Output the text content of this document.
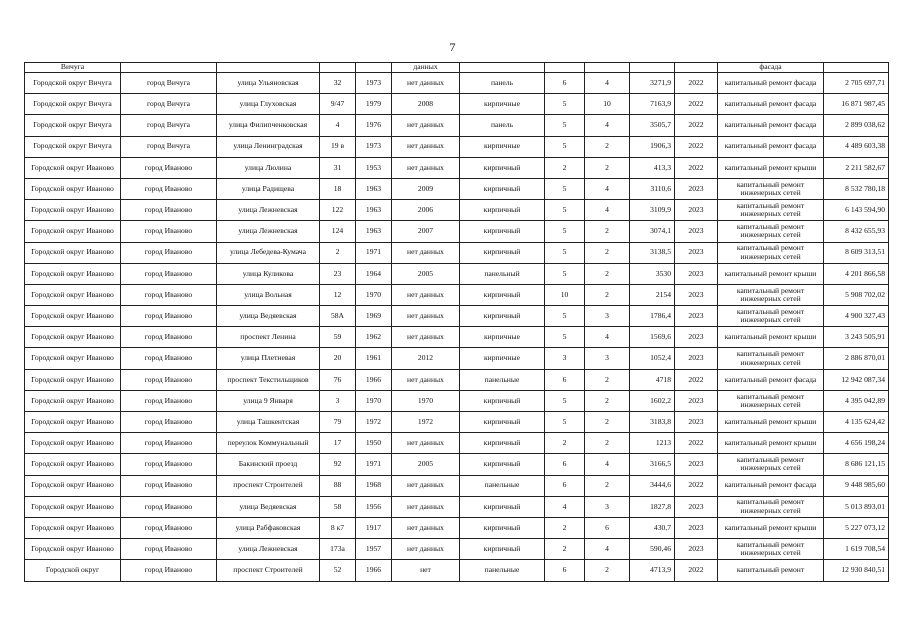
7
Вичуга					данных						фасада	
Городской округ Вичуга	город Вичуга	улица Ульяновская	32	1973	нет данных	панель	6	4	3271,9	2022	капитальный ремонт фасада	2 705 697,71
Городской округ Вичуга	город Вичуга	улица Глуховская	9/47	1979	2008	кирпичные	5	10	7163,9	2022	капитальный ремонт фасада	16 871 987,45
Городской округ Вичуга	город Вичуга	улица Филипченковская	4	1976	нет данных	панель	5	4	3505,7	2022	капитальный ремонт фасада	2 899 038,62
Городской округ Вичуга	город Вичуга	улица Ленинградская	19 в	1973	нет данных	кирпичные	5	2	1906,3	2022	капитальный ремонт фасада	4 489 603,38
Городской округ Иваново	город Иваново	улица Люлина	31	1953	нет данных	кирпичный	2	2	413,3	2022	капитальный ремонт крыши	2 211 582,67
Городской округ Иваново	город Иваново	улица Радищева	18	1963	2009	кирпичный	5	4	3110,6	2023	капитальный ремонт инженерных сетей	8 532 780,18
Городской округ Иваново	город Иваново	улица Лежневская	122	1963	2006	кирпичный	5	4	3109,9	2023	капитальный ремонт инженерных сетей	6 143 594,90
Городской округ Иваново	город Иваново	улица Лежневская	124	1963	2007	кирпичный	5	2	3074,1	2023	капитальный ремонт инженерных сетей	8 432 655,93
Городской округ Иваново	город Иваново	улица Лебедева-Кумача	2	1971	нет данных	кирпичный	5	2	3138,5	2023	капитальный ремонт инженерных сетей	8 609 313,51
Городской округ Иваново	город Иваново	улица Куликова	23	1964	2005	панельный	5	2	3530	2023	капитальный ремонт крыши	4 201 866,58
Городской округ Иваново	город Иваново	улица Вольная	12	1970	нет данных	кирпичный	10	2	2154	2023	капитальный ремонт инженерных сетей	5 908 702,02
Городской округ Иваново	город Иваново	улица Ведяевская	58А	1969	нет данных	кирпичный	5	3	1786,4	2023	капитальный ремонт инженерных сетей	4 900 327,43
Городской округ Иваново	город Иваново	проспект Ленина	59	1962	нет данных	кирпичные	5	4	1569,6	2023	капитальный ремонт крыши	3 243 505,91
Городской округ Иваново	город Иваново	улица Плетневая	20	1961	2012	кирпичные	3	3	1052,4	2023	капитальный ремонт инженерных сетей	2 886 870,01
Городской округ Иваново	город Иваново	проспект Текстильщиков	76	1966	нет данных	панельные	6	2	4718	2022	капитальный ремонт фасада	12 942 087,34
Городской округ Иваново	город Иваново	улица 9 Января	3	1970	1970	кирпичный	5	2	1602,2	2023	капитальный ремонт инженерных сетей	4 395 042,89
Городской округ Иваново	город Иваново	улица Ташкентская	79	1972	1972	кирпичный	5	2	3183,8	2023	капитальный ремонт крыши	4 135 624,42
Городской округ Иваново	город Иваново	переулок Коммунальный	17	1950	нет данных	кирпичный	2	2	1213	2022	капитальный ремонт крыши	4 656 198,24
Городской округ Иваново	город Иваново	Бакинский проезд	92	1971	2005	кирпичный	6	4	3166,5	2023	капитальный ремонт инженерных сетей	8 686 121,15
Городской округ Иваново	город Иваново	проспект Строителей	88	1968	нет данных	панельные	6	2	3444,6	2022	капитальный ремонт фасада	9 448 985,60
Городской округ Иваново	город Иваново	улица Ведяевская	58	1956	нет данных	кирпичный	4	3	1827,8	2023	капитальный ремонт инженерных сетей	5 013 893,01
Городской округ Иваново	город Иваново	улица Рабфаковская	8 к7	1917	нет данных	кирпичный	2	6	430,7	2023	капитальный ремонт крыши	5 227 073,12
Городской округ Иваново	город Иваново	улица Лежневская	173а	1957	нет данных	кирпичный	2	4	590,46	2023	капитальный ремонт инженерных сетей	1 619 708,54
Городской округ	город Иваново	проспект Строителей	52	1966	нет	панельные	6	2	4713,9	2022	капитальный ремонт	12 930 840,51
